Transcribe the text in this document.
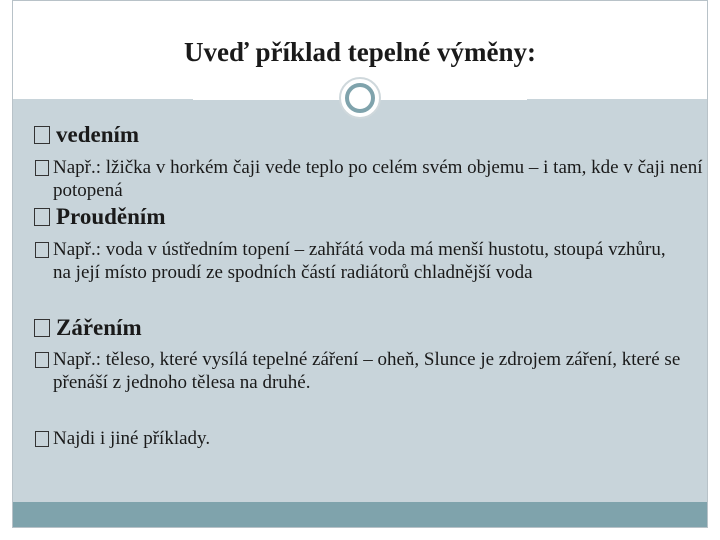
Uveď příklad tepelné výměny:

vedením

Např.: lžička v horkém čaji vede teplo po celém svém objemu – i tam, kde v čaji není potopená

Prouděním

Např.: voda v ústředním topení – zahřátá voda má menší hustotu, stoupá vzhůru, na její místo proudí ze spodních částí radiátorů chladnější voda

Zářením

Např.: těleso, které vysílá tepelné záření – oheň, Slunce je zdrojem záření, které se přenáší z jednoho tělesa na druhé.

Najdi i jiné příklady.
